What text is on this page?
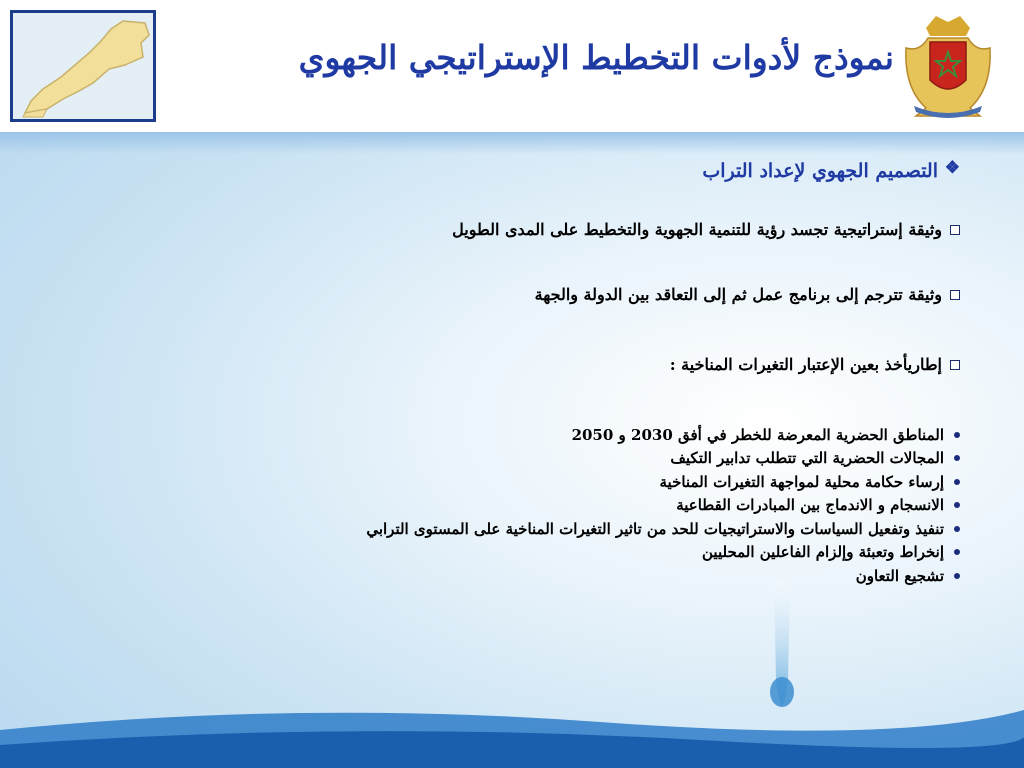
نموذج لأدوات التخطيط الإستراتيجي الجهوي
❖
التصميم الجهوي لإعداد التراب
وثيقة إستراتيجية تجسد رؤية للتنمية الجهوية والتخطيط على المدى الطويل
وثيقة تترجم إلى برنامج عمل ثم إلى التعاقد بين الدولة والجهة
إطاريأخذ بعين الإعتبار التغيرات المناخية :
المناطق الحضرية المعرضة للخطر في أفق 2030 و 2050
المجالات الحضرية التي تتطلب تدابير التكيف
إرساء حكامة محلية لمواجهة التغيرات المناخية
الانسجام و الاندماج بين المبادرات القطاعية
تنفيذ وتفعيل السياسات والاستراتيجيات للحد من تاثير التغيرات المناخية على المستوى الترابي
إنخراط وتعبئة وإلزام الفاعلين المحليين
تشجيع التعاون
